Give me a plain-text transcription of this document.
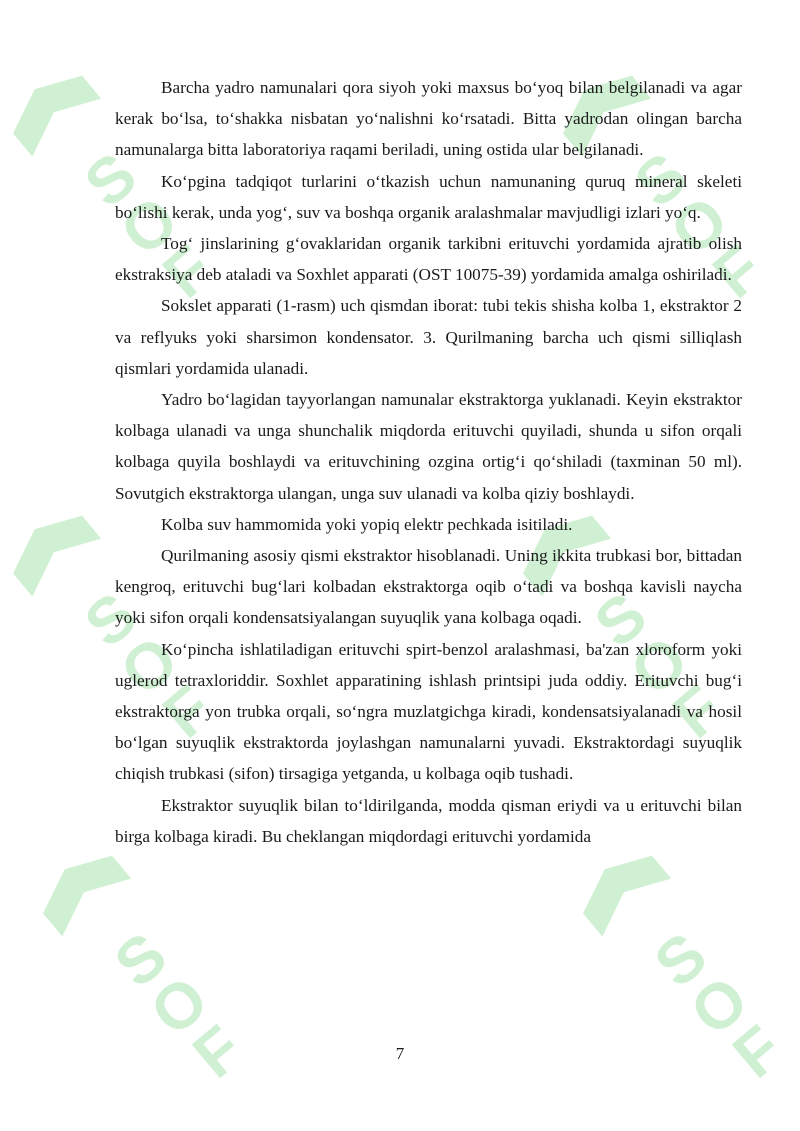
S
O
F
S
O
F
S
O
F
S
O
F
S
O
F
S
O
F

Barcha yadro namunalari qora siyoh yoki maxsus bo‘yoq bilan belgilanadi va agar kerak bo‘lsa, to‘shakka nisbatan yo‘nalishni ko‘rsatadi. Bitta yadrodan olingan barcha namunalarga bitta laboratoriya raqami beriladi, uning ostida ular belgilanadi.

Ko‘pgina tadqiqot turlarini o‘tkazish uchun namunaning quruq mineral skeleti bo‘lishi kerak, unda yog‘, suv va boshqa organik aralashmalar mavjudligi izlari yo‘q.

Tog‘ jinslarining g‘ovaklaridan organik tarkibni erituvchi yordamida ajratib olish ekstraksiya deb ataladi va Soxhlet apparati (OST 10075-39) yordamida amalga oshiriladi.

Sokslet apparati (1-rasm) uch qismdan iborat: tubi tekis shisha kolba 1, ekstraktor 2 va reflyuks yoki sharsimon kondensator. 3. Qurilmaning barcha uch qismi silliqlash qismlari yordamida ulanadi.

Yadro bo‘lagidan tayyorlangan namunalar ekstraktorga yuklanadi. Keyin ekstraktor kolbaga ulanadi va unga shunchalik miqdorda erituvchi quyiladi, shunda u sifon orqali kolbaga quyila boshlaydi va erituvchining ozgina ortig‘i qo‘shiladi (taxminan 50 ml). Sovutgich ekstraktorga ulangan, unga suv ulanadi va kolba qiziy boshlaydi.

Kolba suv hammomida yoki yopiq elektr pechkada isitiladi.

Qurilmaning asosiy qismi ekstraktor hisoblanadi. Uning ikkita trubkasi bor, bittadan kengroq, erituvchi bug‘lari kolbadan ekstraktorga oqib o‘tadi va boshqa kavisli naycha yoki sifon orqali kondensatsiyalangan suyuqlik yana kolbaga oqadi.

Ko‘pincha ishlatiladigan erituvchi spirt-benzol aralashmasi, ba'zan xloroform yoki uglerod tetraxloriddir. Soxhlet apparatining ishlash printsipi juda oddiy. Erituvchi bug‘i ekstraktorga yon trubka orqali, so‘ngra muzlatgichga kiradi, kondensatsiyalanadi va hosil bo‘lgan suyuqlik ekstraktorda joylashgan namunalarni yuvadi. Ekstraktordagi suyuqlik chiqish trubkasi (sifon) tirsagiga yetganda, u kolbaga oqib tushadi.

Ekstraktor suyuqlik bilan to‘ldirilganda, modda qisman eriydi va u erituvchi bilan birga kolbaga kiradi. Bu cheklangan miqdordagi erituvchi yordamida

7
